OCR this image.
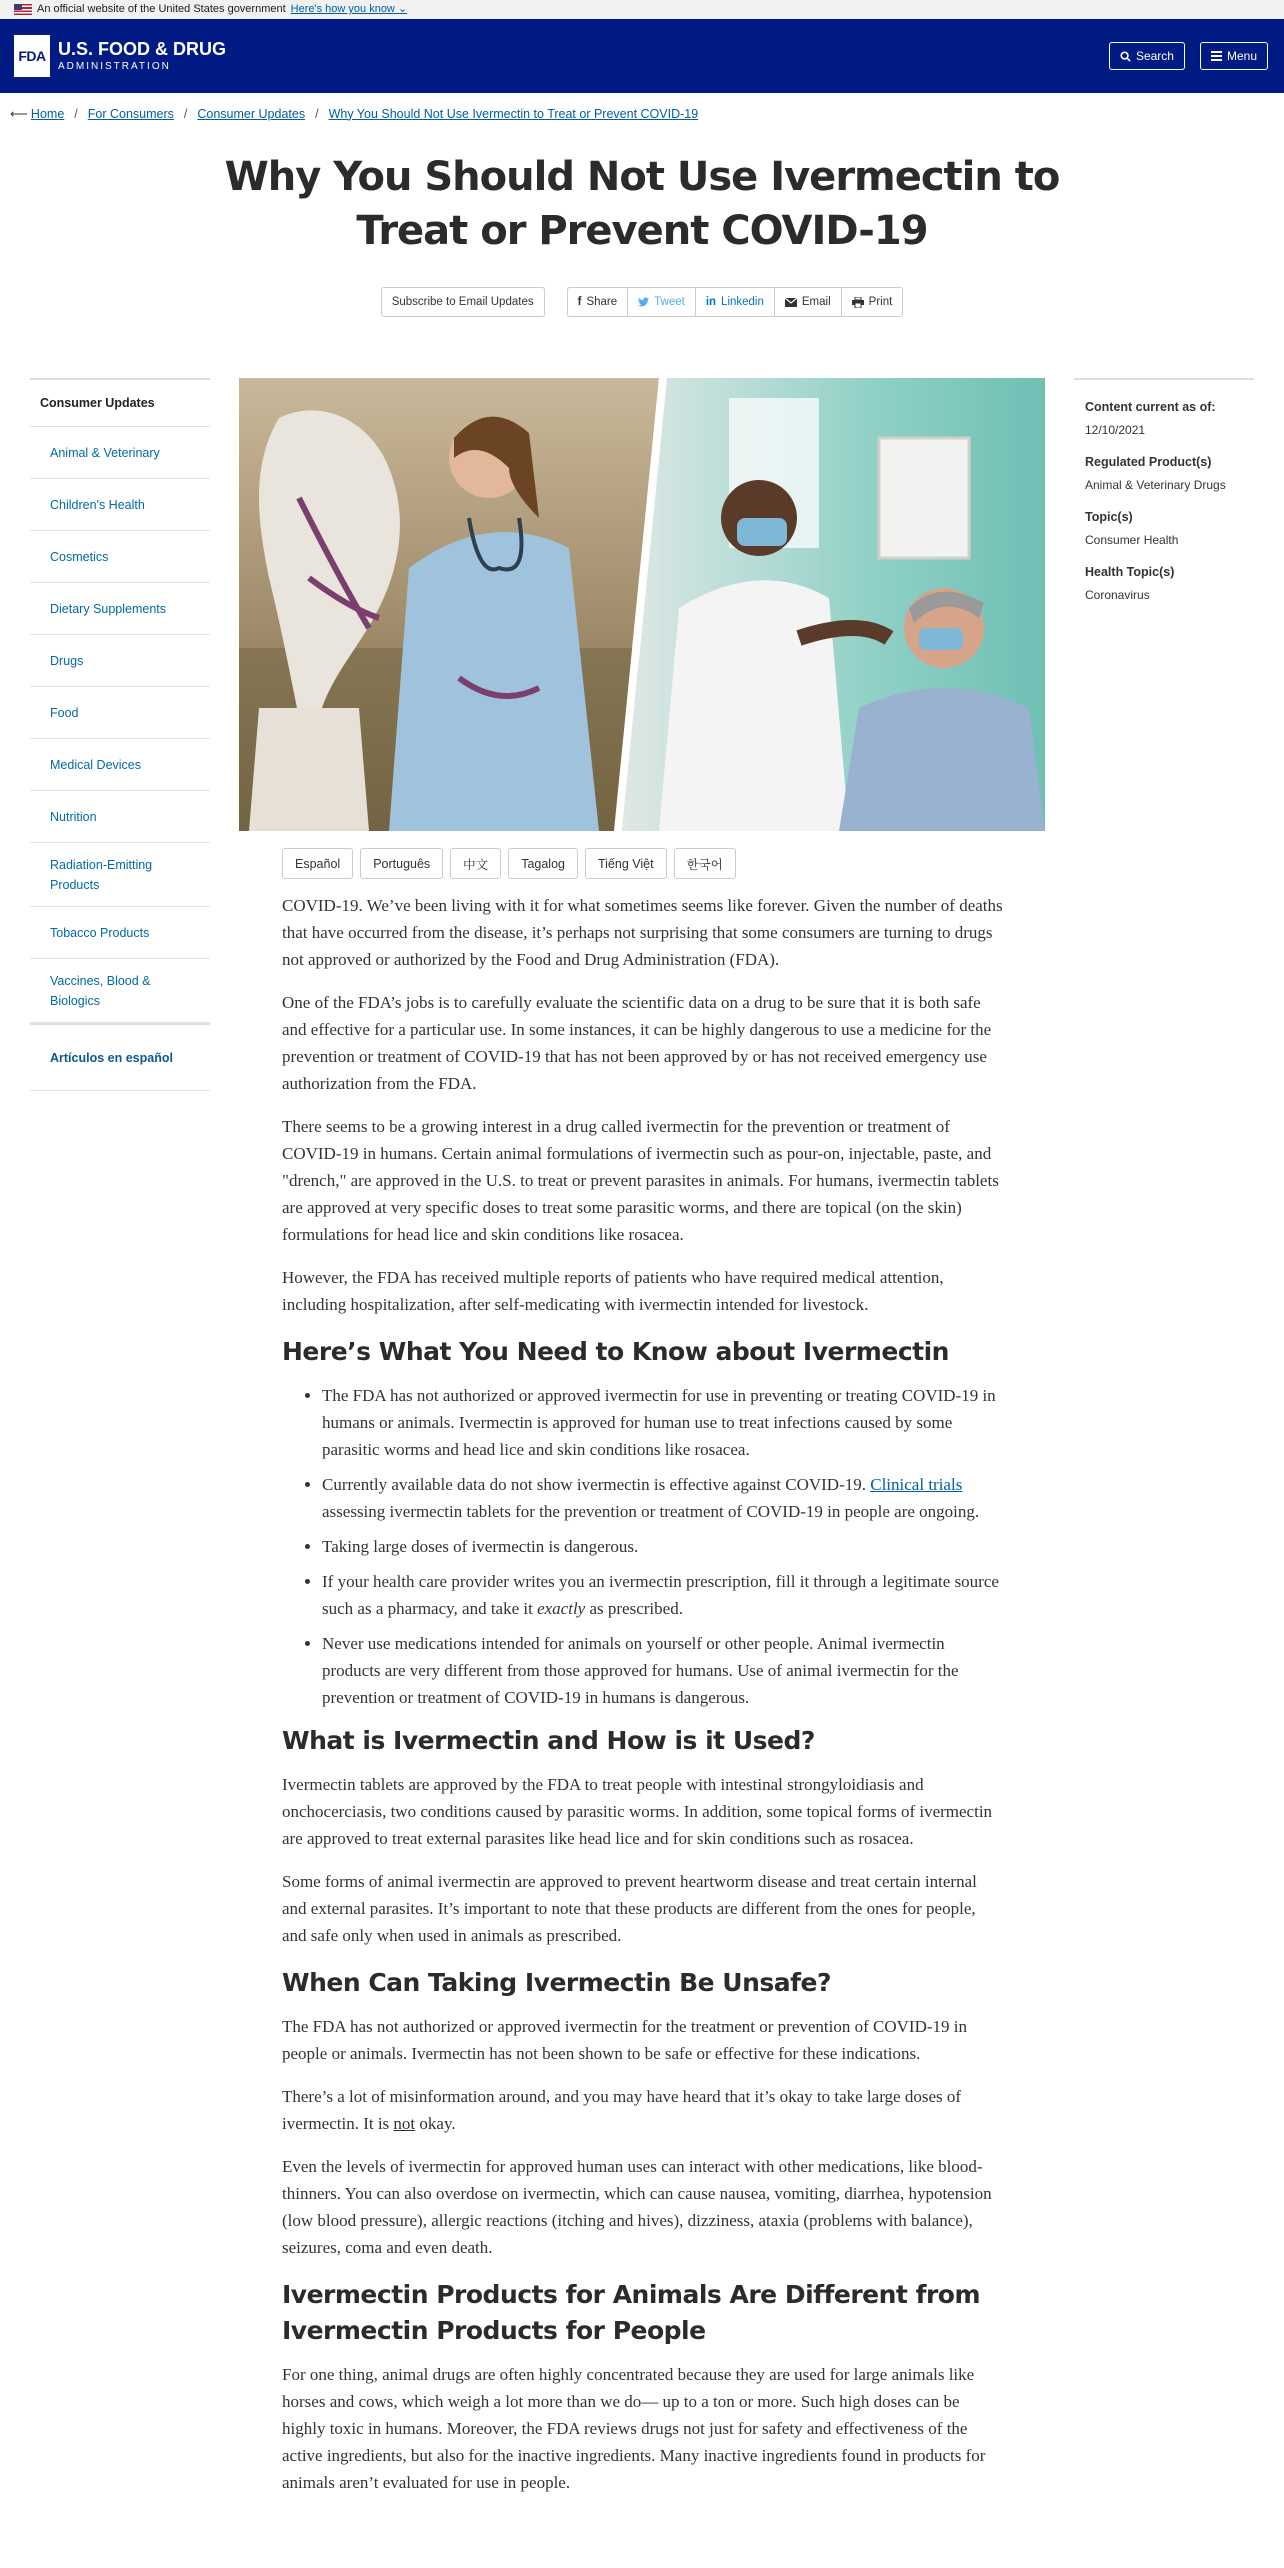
An official website of the United States government Here's how you know ⌄
FDA U.S. FOOD & DRUG
ADMINISTRATION
Search	Menu
⟵ Home / For Consumers / Consumer Updates / Why You Should Not Use Ivermectin to Treat or Prevent COVID-19
Why You Should Not Use Ivermectin to Treat or Prevent COVID-19
Subscribe to Email Updates	f Share	Tweet in Linkedin	Email	Print
Consumer Updates
Animal & Veterinary
Children's Health
Cosmetics
Dietary Supplements
Drugs
Food
Medical Devices
Nutrition
Radiation-Emitting Products
Tobacco Products
Vaccines, Blood & Biologics
Artículos en español
Content current as of:
12/10/2021
Regulated Product(s)
Animal & Veterinary Drugs
Topic(s)
Consumer Health
Health Topic(s)
Coronavirus
Español	Português	中文	Tagalog	Tiếng Việt	한국어

COVID-19. We’ve been living with it for what sometimes seems like forever. Given the number of deaths that have occurred from the disease, it’s perhaps not surprising that some consumers are turning to drugs not approved or authorized by the Food and Drug Administration (FDA).

One of the FDA’s jobs is to carefully evaluate the scientific data on a drug to be sure that it is both safe and effective for a particular use. In some instances, it can be highly dangerous to use a medicine for the prevention or treatment of COVID-19 that has not been approved by or has not received emergency use authorization from the FDA.

There seems to be a growing interest in a drug called ivermectin for the prevention or treatment of COVID-19 in humans. Certain animal formulations of ivermectin such as pour-on, injectable, paste, and "drench," are approved in the U.S. to treat or prevent parasites in animals. For humans, ivermectin tablets are approved at very specific doses to treat some parasitic worms, and there are topical (on the skin) formulations for head lice and skin conditions like rosacea.

However, the FDA has received multiple reports of patients who have required medical attention, including hospitalization, after self-medicating with ivermectin intended for livestock.

Here’s What You Need to Know about Ivermectin
• The FDA has not authorized or approved ivermectin for use in preventing or treating COVID-19 in humans or animals. Ivermectin is approved for human use to treat infections caused by some parasitic worms and head lice and skin conditions like rosacea.
• Currently available data do not show ivermectin is effective against COVID-19. Clinical trials assessing ivermectin tablets for the prevention or treatment of COVID-19 in people are ongoing.
• Taking large doses of ivermectin is dangerous.
• If your health care provider writes you an ivermectin prescription, fill it through a legitimate source such as a pharmacy, and take it exactly as prescribed.
• Never use medications intended for animals on yourself or other people. Animal ivermectin products are very different from those approved for humans. Use of animal ivermectin for the prevention or treatment of COVID-19 in humans is dangerous.
What is Ivermectin and How is it Used?

Ivermectin tablets are approved by the FDA to treat people with intestinal strongyloidiasis and onchocerciasis, two conditions caused by parasitic worms. In addition, some topical forms of ivermectin are approved to treat external parasites like head lice and for skin conditions such as rosacea.

Some forms of animal ivermectin are approved to prevent heartworm disease and treat certain internal and external parasites. It’s important to note that these products are different from the ones for people, and safe only when used in animals as prescribed.

When Can Taking Ivermectin Be Unsafe?

The FDA has not authorized or approved ivermectin for the treatment or prevention of COVID-19 in people or animals. Ivermectin has not been shown to be safe or effective for these indications.

There’s a lot of misinformation around, and you may have heard that it’s okay to take large doses of ivermectin. It is not okay.

Even the levels of ivermectin for approved human uses can interact with other medications, like blood-thinners. You can also overdose on ivermectin, which can cause nausea, vomiting, diarrhea, hypotension (low blood pressure), allergic reactions (itching and hives), dizziness, ataxia (problems with balance), seizures, coma and even death.

Ivermectin Products for Animals Are Different from Ivermectin Products for People

For one thing, animal drugs are often highly concentrated because they are used for large animals like horses and cows, which weigh a lot more than we do— up to a ton or more. Such high doses can be highly toxic in humans. Moreover, the FDA reviews drugs not just for safety and effectiveness of the active ingredients, but also for the inactive ingredients. Many inactive ingredients found in products for animals aren’t evaluated for use in people.
